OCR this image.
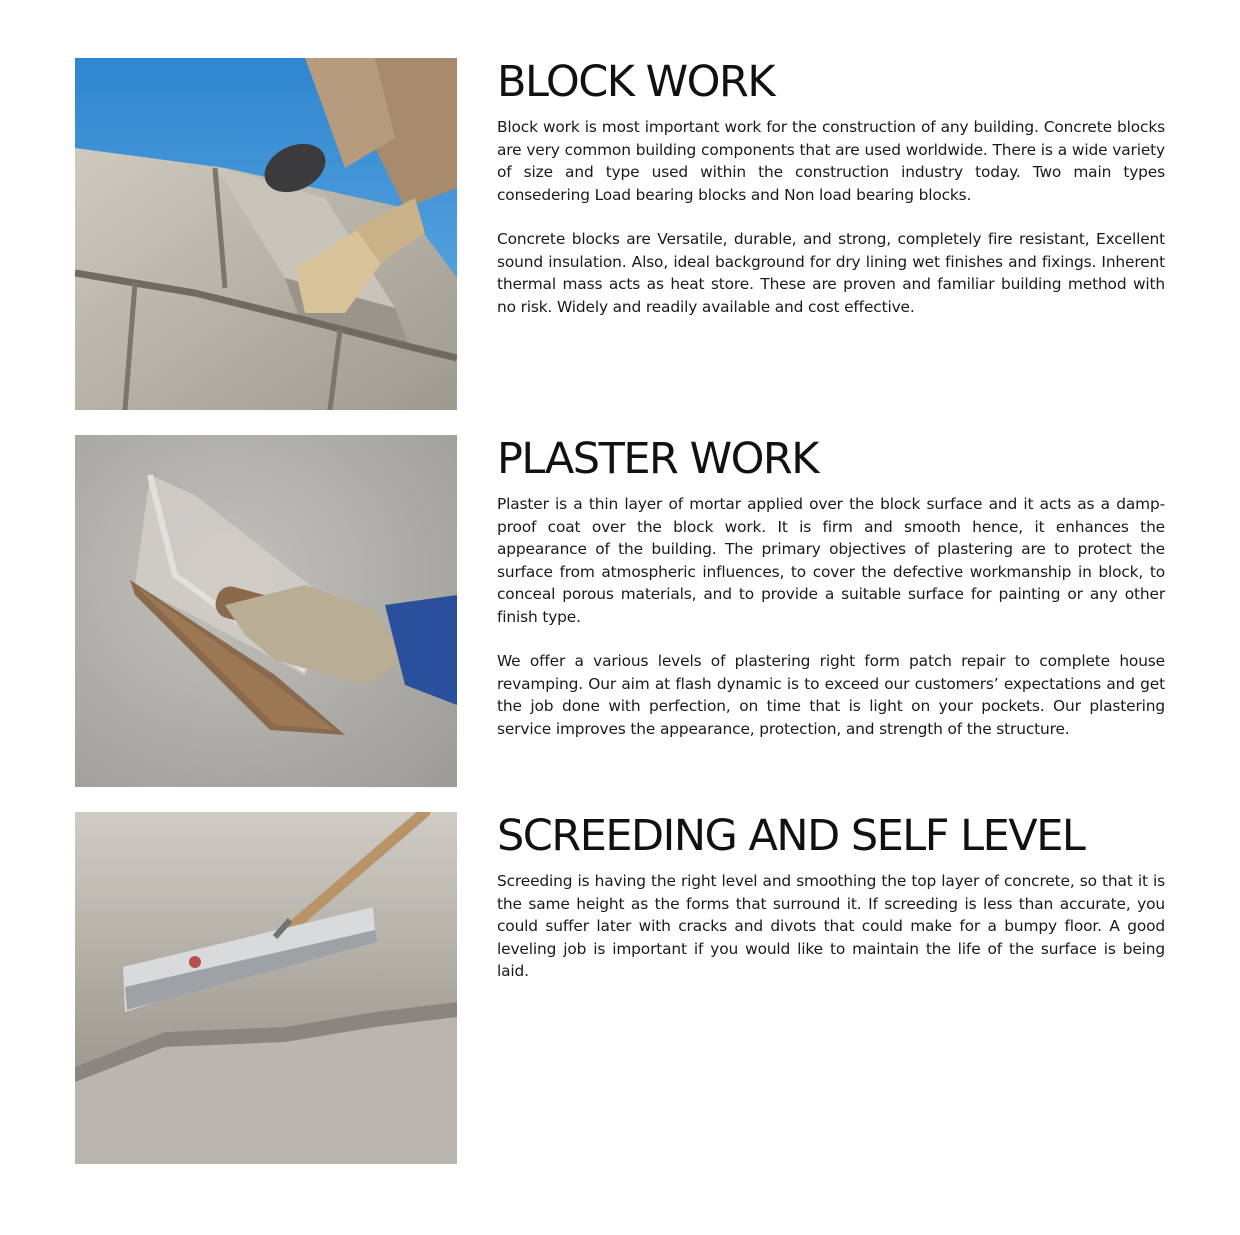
BLOCK WORK

Block work is most important work for the construction of any building. Concrete blocks are very common building components that are used worldwide. There is a wide variety of size and type used within the construction industry today. Two main types consedering Load bearing blocks and Non load bearing blocks.

Concrete blocks are Versatile, durable, and strong, completely fire resistant, Excellent sound insulation. Also, ideal background for dry lining wet finishes and fixings. Inherent thermal mass acts as heat store. These are proven and familiar building method with no risk. Widely and readily available and cost effective.

PLASTER WORK

Plaster is a thin layer of mortar applied over the block surface and it acts as a damp-proof coat over the block work. It is firm and smooth hence, it enhances the appearance of the building. The primary objectives of plastering are to protect the surface from atmospheric influences, to cover the defective workmanship in block, to conceal porous materials, and to provide a suitable surface for painting or any other finish type.

We offer a various levels of plastering right form patch repair to complete house revamping. Our aim at flash dynamic is to exceed our customers’ expectations and get the job done with perfection, on time that is light on your pockets. Our plastering service improves the appearance, protection, and strength of the structure.

SCREEDING AND SELF LEVEL

Screeding is having the right level and smoothing the top layer of concrete, so that it is the same height as the forms that surround it. If screeding is less than accurate, you could suffer later with cracks and divots that could make for a bumpy floor. A good leveling job is important if you would like to maintain the life of the surface is being laid.
